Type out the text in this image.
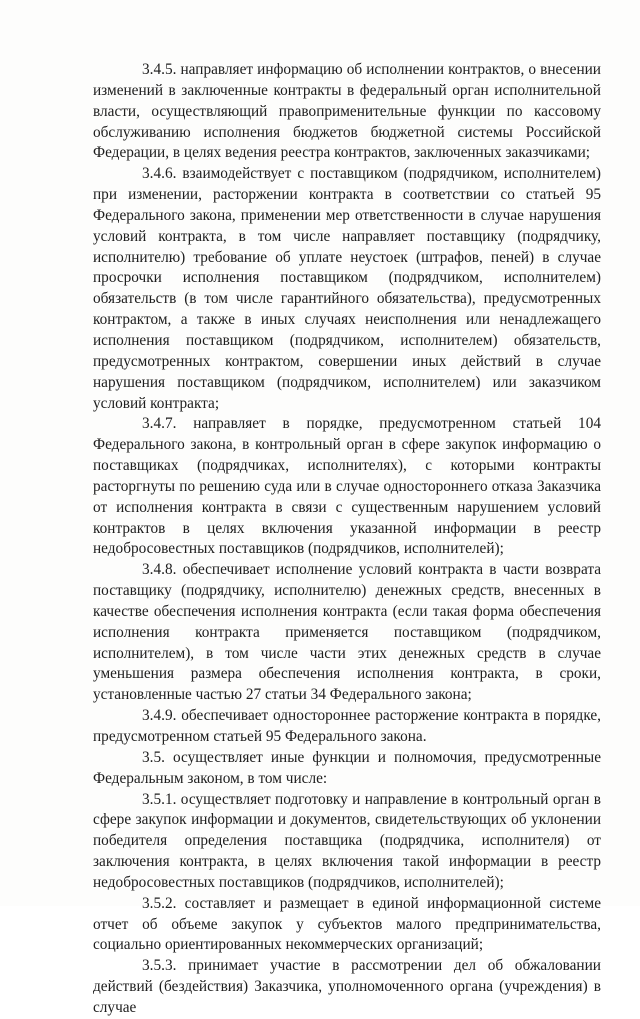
3.4.5. направляет информацию об исполнении контрактов, о внесении изменений в заключенные контракты в федеральный орган исполнительной власти, осуществляющий правоприменительные функции по кассовому обслуживанию исполнения бюджетов бюджетной системы Российской Федерации, в целях ведения реестра контрактов, заключенных заказчиками;

3.4.6. взаимодействует с поставщиком (подрядчиком, исполнителем) при изменении, расторжении контракта в соответствии со статьей 95 Федерального закона, применении мер ответственности в случае нарушения условий контракта, в том числе направляет поставщику (подрядчику, исполнителю) требование об уплате неустоек (штрафов, пеней) в случае просрочки исполнения поставщиком (подрядчиком, исполнителем) обязательств (в том числе гарантийного обязательства), предусмотренных контрактом, а также в иных случаях неисполнения или ненадлежащего исполнения поставщиком (подрядчиком, исполнителем) обязательств, предусмотренных контрактом, совершении иных действий в случае нарушения поставщиком (подрядчиком, исполнителем) или заказчиком условий контракта;

3.4.7. направляет в порядке, предусмотренном статьей 104 Федерального закона, в контрольный орган в сфере закупок информацию о поставщиках (подрядчиках, исполнителях), с которыми контракты расторгнуты по решению суда или в случае одностороннего отказа Заказчика от исполнения контракта в связи с существенным нарушением условий контрактов в целях включения указанной информации в реестр недобросовестных поставщиков (подрядчиков, исполнителей);

3.4.8. обеспечивает исполнение условий контракта в части возврата поставщику (подрядчику, исполнителю) денежных средств, внесенных в качестве обеспечения исполнения контракта (если такая форма обеспечения исполнения контракта применяется поставщиком (подрядчиком, исполнителем), в том числе части этих денежных средств в случае уменьшения размера обеспечения исполнения контракта, в сроки, установленные частью 27 статьи 34 Федерального закона;

3.4.9. обеспечивает одностороннее расторжение контракта в порядке, предусмотренном статьей 95 Федерального закона.

3.5. осуществляет иные функции и полномочия, предусмотренные Федеральным законом, в том числе:

3.5.1. осуществляет подготовку и направление в контрольный орган в сфере закупок информации и документов, свидетельствующих об уклонении победителя определения поставщика (подрядчика, исполнителя) от заключения контракта, в целях включения такой информации в реестр недобросовестных поставщиков (подрядчиков, исполнителей);

3.5.2. составляет и размещает в единой информационной системе отчет об объеме закупок у субъектов малого предпринимательства, социально ориентированных некоммерческих организаций;

3.5.3. принимает участие в рассмотрении дел об обжаловании действий (бездействия) Заказчика, уполномоченного органа (учреждения) в случае
